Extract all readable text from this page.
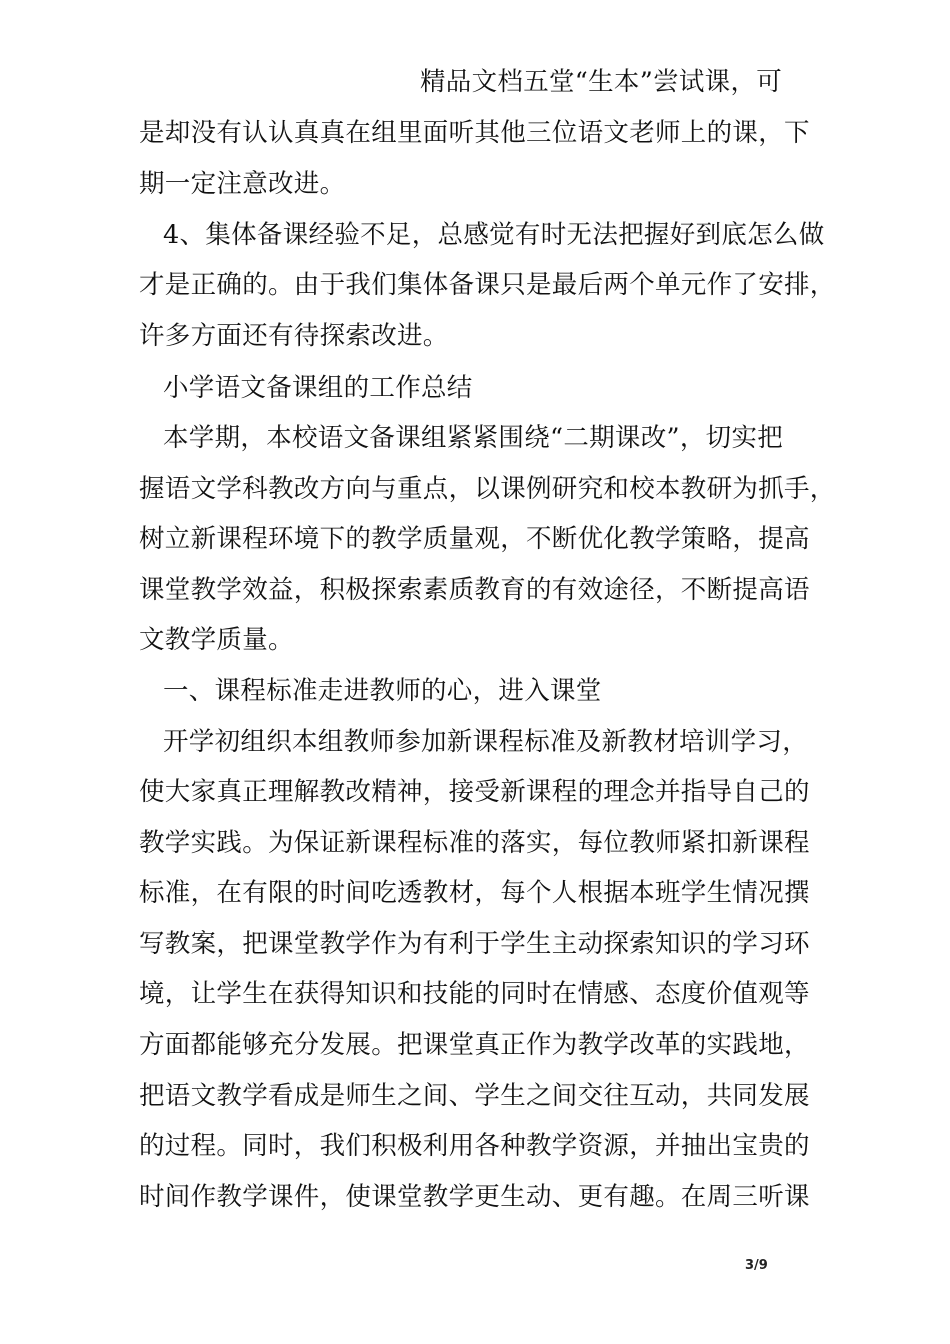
精品文档五堂“生本”尝试课，可
是却没有认认真真在组里面听其他三位语文老师上的课，下
期一定注意改进。
4、集体备课经验不足，总感觉有时无法把握好到底怎么做
才是正确的。由于我们集体备课只是最后两个单元作了安排，
许多方面还有待探索改进。
小学语文备课组的工作总结
本学期，本校语文备课组紧紧围绕“二期课改”，切实把
握语文学科教改方向与重点，以课例研究和校本教研为抓手，
树立新课程环境下的教学质量观，不断优化教学策略，提高
课堂教学效益，积极探索素质教育的有效途径，不断提高语
文教学质量。
一、课程标准走进教师的心，进入课堂
开学初组织本组教师参加新课程标准及新教材培训学习，
使大家真正理解教改精神，接受新课程的理念并指导自己的
教学实践。为保证新课程标准的落实，每位教师紧扣新课程
标准，在有限的时间吃透教材，每个人根据本班学生情况撰
写教案，把课堂教学作为有利于学生主动探索知识的学习环
境，让学生在获得知识和技能的同时在情感、态度价值观等
方面都能够充分发展。把课堂真正作为教学改革的实践地，
把语文教学看成是师生之间、学生之间交往互动，共同发展
的过程。同时，我们积极利用各种教学资源，并抽出宝贵的
时间作教学课件，使课堂教学更生动、更有趣。在周三听课
3/9
